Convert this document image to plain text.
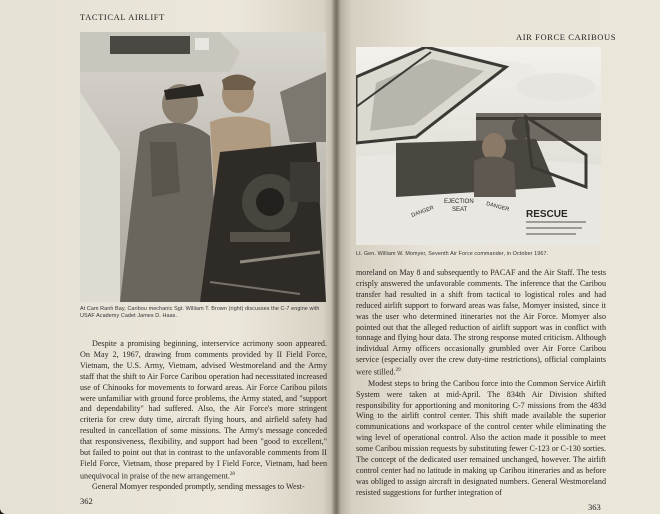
TACTICAL AIRLIFT
At Cam Ranh Bay, Caribou mechanic Sgt. William T. Brown (right) discusses the C-7 engine with USAF Academy Cadet James D. Haas.

Despite a promising beginning, interservice acrimony soon appeared. On May 2, 1967, drawing from comments provided by II Field Force, Vietnam, the U.S. Army, Vietnam, advised Westmoreland and the Army staff that the shift to Air Force Caribou operation had necessitated increased use of Chinooks for movements to forward areas. Air Force Caribou pilots were unfamiliar with ground force problems, the Army stated, and "support and dependability" had suffered. Also, the Air Force's more stringent criteria for crew duty time, aircraft flying hours, and airfield safety had resulted in cancellation of some missions. The Army's message conceded that responsiveness, flexibility, and support had been "good to excellent," but failed to point out that in contrast to the unfavorable comments from II Field Force, Vietnam, those prepared by I Field Force, Vietnam, had been unequivocal in praise of the new arrangement.$^{28}$

General Momyer responded promptly, sending messages to West-

362
AIR FORCE CARIBOUS
EJECTION
SEAT
DANGER	DANGER
RESCUE
Lt. Gen. William W. Momyer, Seventh Air Force commander, in October 1967.

moreland on May 8 and subsequently to PACAF and the Air Staff. The tests crisply answered the unfavorable comments. The inference that the Caribou transfer had resulted in a shift from tactical to logistical roles and had reduced airlift support to forward areas was false, Momyer insisted, since it was the user who determined itineraries not the Air Force. Momyer also pointed out that the alleged reduction of airlift support was in conflict with tonnage and flying hour data. The strong response muted criticism. Although individual Army officers occasionally grumbled over Air Force Caribou service (especially over the crew duty-time restrictions), official complaints were stilled.$^{29}$

Modest steps to bring the Caribou force into the Common Service Airlift System were taken at mid-April. The 834th Air Division shifted responsibility for apportioning and monitoring C-7 missions from the 483d Wing to the airlift control center. This shift made available the superior communications and workspace of the control center while eliminating the wing level of operational control. Also the action made it possible to meet some Caribou mission requests by substituting fewer C-123 or C-130 sorties. The concept of the dedicated user remained unchanged, however. The airlift control center had no latitude in making up Caribou itineraries and as before was obliged to assign aircraft in designated numbers. General Westmoreland resisted suggestions for further integration of

363
